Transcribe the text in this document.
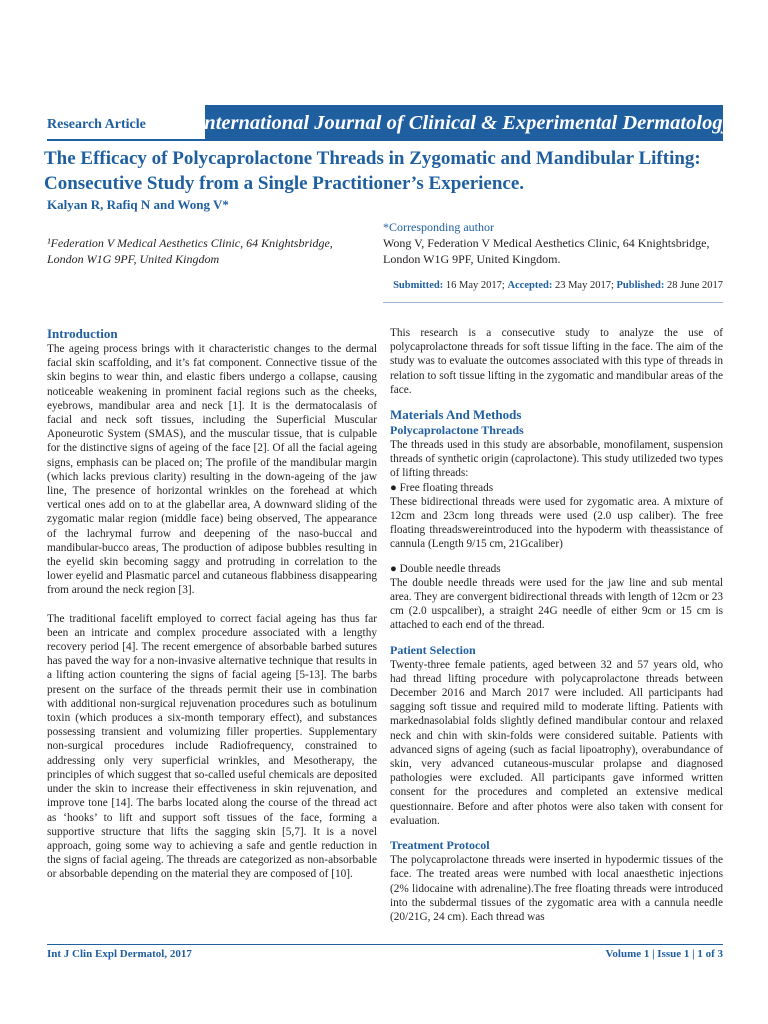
Research Article International Journal of Clinical & Experimental Dermatology
The Efficacy of Polycaprolactone Threads in Zygomatic and Mandibular Lifting: Consecutive Study from a Single Practitioner’s Experience.
Kalyan R, Rafiq N and Wong V*
¹Federation V Medical Aesthetics Clinic, 64 Knightsbridge, London W1G 9PF, United Kingdom
*Corresponding author
Wong V, Federation V Medical Aesthetics Clinic, 64 Knightsbridge, London W1G 9PF, United Kingdom.
Submitted: 16 May 2017; Accepted: 23 May 2017; Published: 28 June 2017
Introduction

The ageing process brings with it characteristic changes to the dermal facial skin scaffolding, and it’s fat component. Connective tissue of the skin begins to wear thin, and elastic fibers undergo a collapse, causing noticeable weakening in prominent facial regions such as the cheeks, eyebrows, mandibular area and neck [1]. It is the dermatocalasis of facial and neck soft tissues, including the Superficial Muscular Aponeurotic System (SMAS), and the muscular tissue, that is culpable for the distinctive signs of ageing of the face [2]. Of all the facial ageing signs, emphasis can be placed on; The profile of the mandibular margin (which lacks previous clarity) resulting in the down-ageing of the jaw line, The presence of horizontal wrinkles on the forehead at which vertical ones add on to at the glabellar area, A downward sliding of the zygomatic malar region (middle face) being observed, The appearance of the lachrymal furrow and deepening of the naso-buccal and mandibular-bucco areas, The production of adipose bubbles resulting in the eyelid skin becoming saggy and protruding in correlation to the lower eyelid and Plasmatic parcel and cutaneous flabbiness disappearing from around the neck region [3].

The traditional facelift employed to correct facial ageing has thus far been an intricate and complex procedure associated with a lengthy recovery period [4]. The recent emergence of absorbable barbed sutures has paved the way for a non-invasive alternative technique that results in a lifting action countering the signs of facial ageing [5-13]. The barbs present on the surface of the threads permit their use in combination with additional non-surgical rejuvenation procedures such as botulinum toxin (which produces a six-month temporary effect), and substances possessing transient and volumizing filler properties. Supplementary non-surgical procedures include Radiofrequency, constrained to addressing only very superficial wrinkles, and Mesotherapy, the principles of which suggest that so-called useful chemicals are deposited under the skin to increase their effectiveness in skin rejuvenation, and improve tone [14]. The barbs located along the course of the thread act as ‘hooks’ to lift and support soft tissues of the face, forming a supportive structure that lifts the sagging skin [5,7]. It is a novel approach, going some way to achieving a safe and gentle reduction in the signs of facial ageing. The threads are categorized as non-absorbable or absorbable depending on the material they are composed of [10].

This research is a consecutive study to analyze the use of polycaprolactone threads for soft tissue lifting in the face. The aim of the study was to evaluate the outcomes associated with this type of threads in relation to soft tissue lifting in the zygomatic and mandibular areas of the face.

Materials And Methods
Polycaprolactone Threads
The threads used in this study are absorbable, monofilament, suspension threads of synthetic origin (caprolactone). This study utilizeded two types of lifting threads:
● Free floating threads
These bidirectional threads were used for zygomatic area. A mixture of 12cm and 23cm long threads were used (2.0 usp caliber). The free floating threadswereintroduced into the hypoderm with theassistance of cannula (Length 9/15 cm, 21Gcaliber)
● Double needle threads
The double needle threads were used for the jaw line and sub mental area. They are convergent bidirectional threads with length of 12cm or 23 cm (2.0 uspcaliber), a straight 24G needle of either 9cm or 15 cm is attached to each end of the thread.
Patient Selection
Twenty-three female patients, aged between 32 and 57 years old, who had thread lifting procedure with polycaprolactone threads between December 2016 and March 2017 were included. All participants had sagging soft tissue and required mild to moderate lifting. Patients with markednasolabial folds slightly defined mandibular contour and relaxed neck and chin with skin-folds were considered suitable. Patients with advanced signs of ageing (such as facial lipoatrophy), overabundance of skin, very advanced cutaneous-muscular prolapse and diagnosed pathologies were excluded. All participants gave informed written consent for the procedures and completed an extensive medical questionnaire. Before and after photos were also taken with consent for evaluation.
Treatment Protocol
The polycaprolactone threads were inserted in hypodermic tissues of the face. The treated areas were numbed with local anaesthetic injections (2% lidocaine with adrenaline).The free floating threads were introduced into the subdermal tissues of the zygomatic area with a cannula needle (20/21G, 24 cm). Each thread was
Int J Clin Expl Dermatol, 2017	Volume 1 | Issue 1 | 1 of 3
